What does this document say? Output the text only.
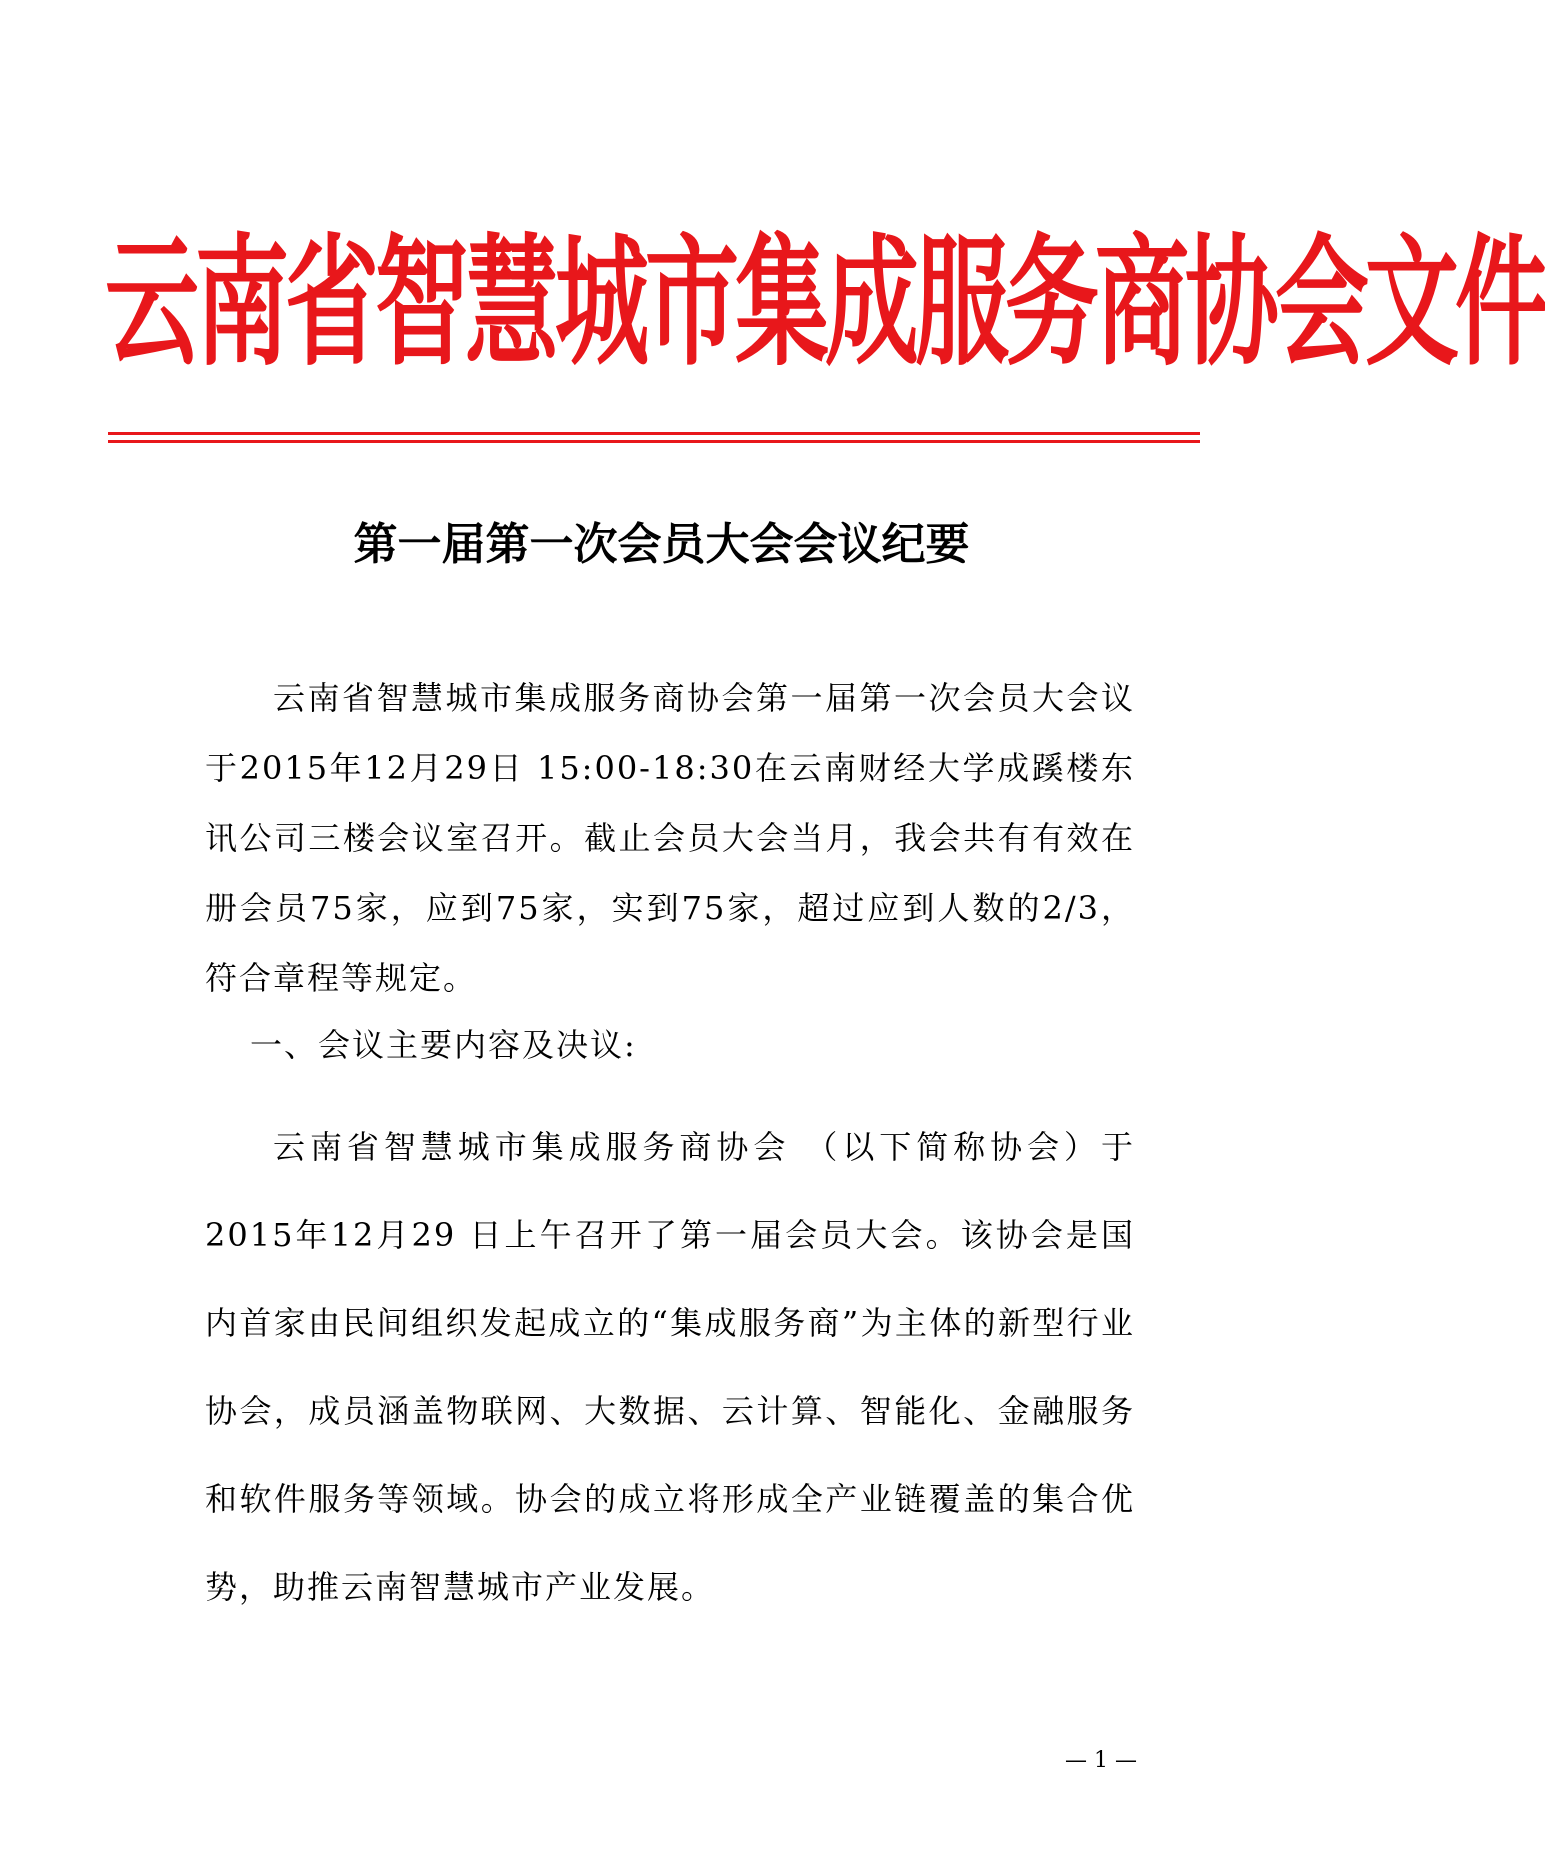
云南省智慧城市集成服务商协会文件
第一届第一次会员大会会议纪要

云南省智慧城市集成服务商协会第一届第一次会员大会议于2015年12月29日 15:00-18:30在云南财经大学成蹊楼东讯公司三楼会议室召开。截止会员大会当月，我会共有有效在册会员75家，应到75家，实到75家，超过应到人数的2/3，符合章程等规定。

一、会议主要内容及决议:

云南省智慧城市集成服务商协会 （以下简称协会）于2015年12月29 日上午召开了第一届会员大会。该协会是国内首家由民间组织发起成立的“集成服务商”为主体的新型行业协会，成员涵盖物联网、大数据、云计算、智能化、金融服务和软件服务等领域。协会的成立将形成全产业链覆盖的集合优势，助推云南智慧城市产业发展。

— 1 —
